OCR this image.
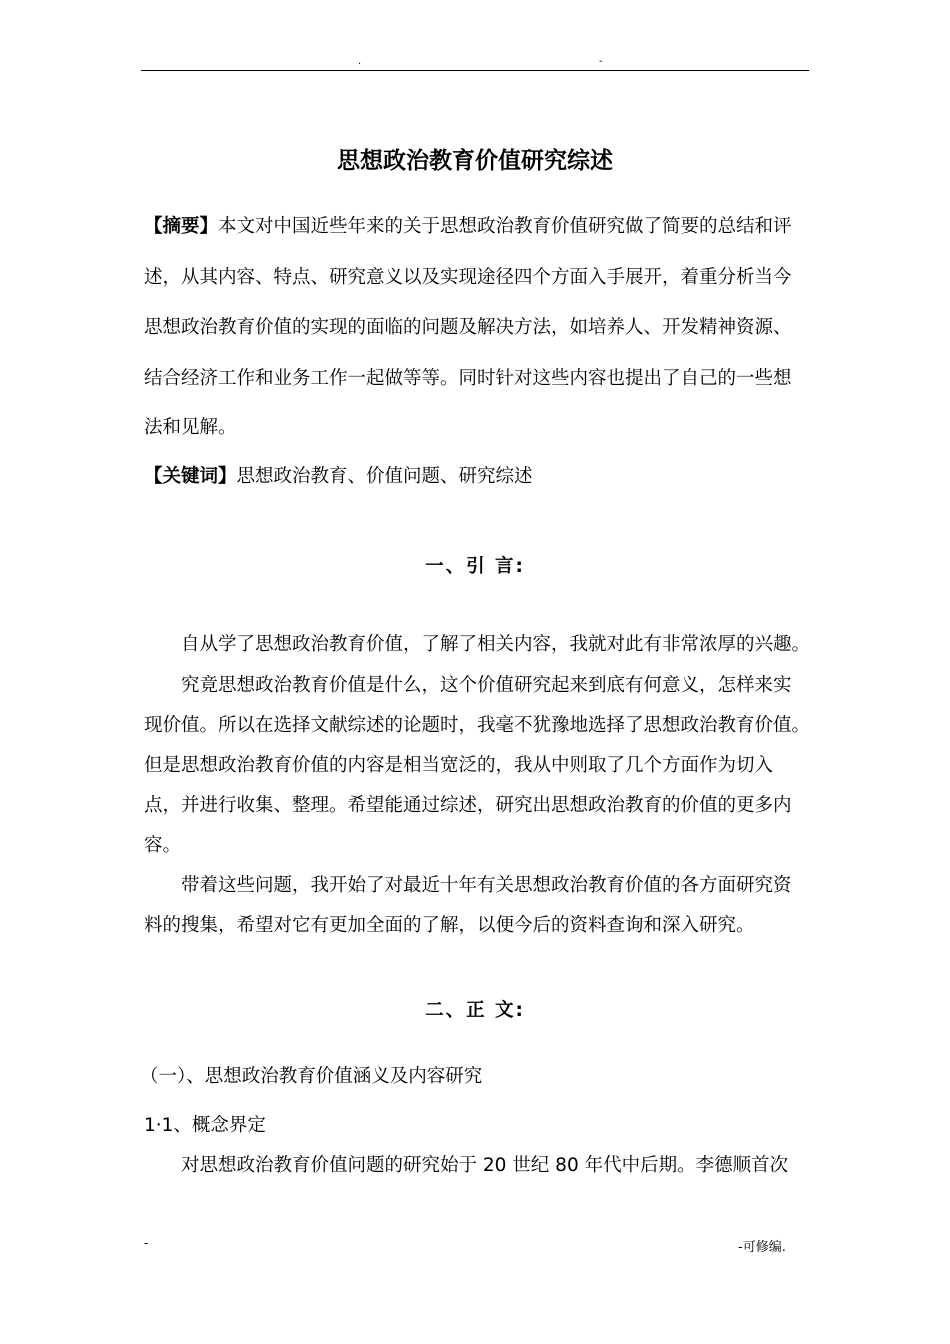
.	-
思想政治教育价值研究综述
【摘要】本文对中国近些年来的关于思想政治教育价值研究做了简要的总结和评
述，从其内容、特点、研究意义以及实现途径四个方面入手展开，着重分析当今
思想政治教育价值的实现的面临的问题及解决方法，如培养人、开发精神资源、
结合经济工作和业务工作一起做等等。同时针对这些内容也提出了自己的一些想
法和见解。
【关键词】思想政治教育、价值问题、研究综述
一、引 言:
自从学了思想政治教育价值，了解了相关内容，我就对此有非常浓厚的兴趣。
究竟思想政治教育价值是什么，这个价值研究起来到底有何意义，怎样来实
现价值。所以在选择文献综述的论题时，我毫不犹豫地选择了思想政治教育价值。
但是思想政治教育价值的内容是相当宽泛的，我从中则取了几个方面作为切入
点，并进行收集、整理。希望能通过综述，研究出思想政治教育的价值的更多内
容。
带着这些问题，我开始了对最近十年有关思想政治教育价值的各方面研究资
料的搜集，希望对它有更加全面的了解，以便今后的资料查询和深入研究。
二、正 文:
（一）、思想政治教育价值涵义及内容研究
1·1、概念界定
对思想政治教育价值问题的研究始于 20 世纪 80 年代中后期。李德顺首次
-	-可修编.
